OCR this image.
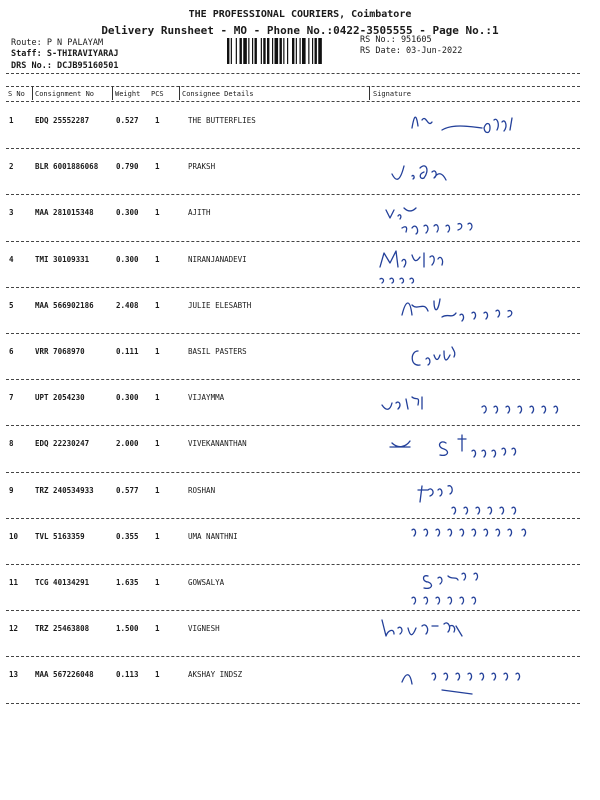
THE PROFESSIONAL COURIERS, Coimbatore
Delivery Runsheet - MO - Phone No.:0422-3505555 - Page No.:1
Route: P N PALAYAM
Staff: S-THIRAVIYARAJ
DRS No.: DCJB95160501
RS No.: 951605
RS Date: 03-Jun-2022
S No Consignment No	Weight PCS	Consignee Details	Signature
1	EDQ 25552287	0.527 1	THE BUTTERFLIES
2	BLR 6001886068 0.790 1	PRAKSH
3	MAA 281015348	0.300 1	AJITH
4	TMI 30109331	0.300 1	NIRANJANADEVI
5	MAA 566902186	2.408 1	JULIE ELESABTH
6	VRR 7068970	0.111 1	BASIL PASTERS
7	UPT 2054230	0.300 1	VIJAYMMA
8	EDQ 22230247	2.000 1	VIVEKANANTHAN
9	TRZ 240534933	0.577 1	ROSHAN
10 TVL 5163359	0.355 1	UMA NANTHNI
11 TCG 40134291	1.635 1	GOWSALYA
12 TRZ 25463808	1.500 1	VIGNESH
13 MAA 567226048	0.113 1	AKSHAY INDSZ
